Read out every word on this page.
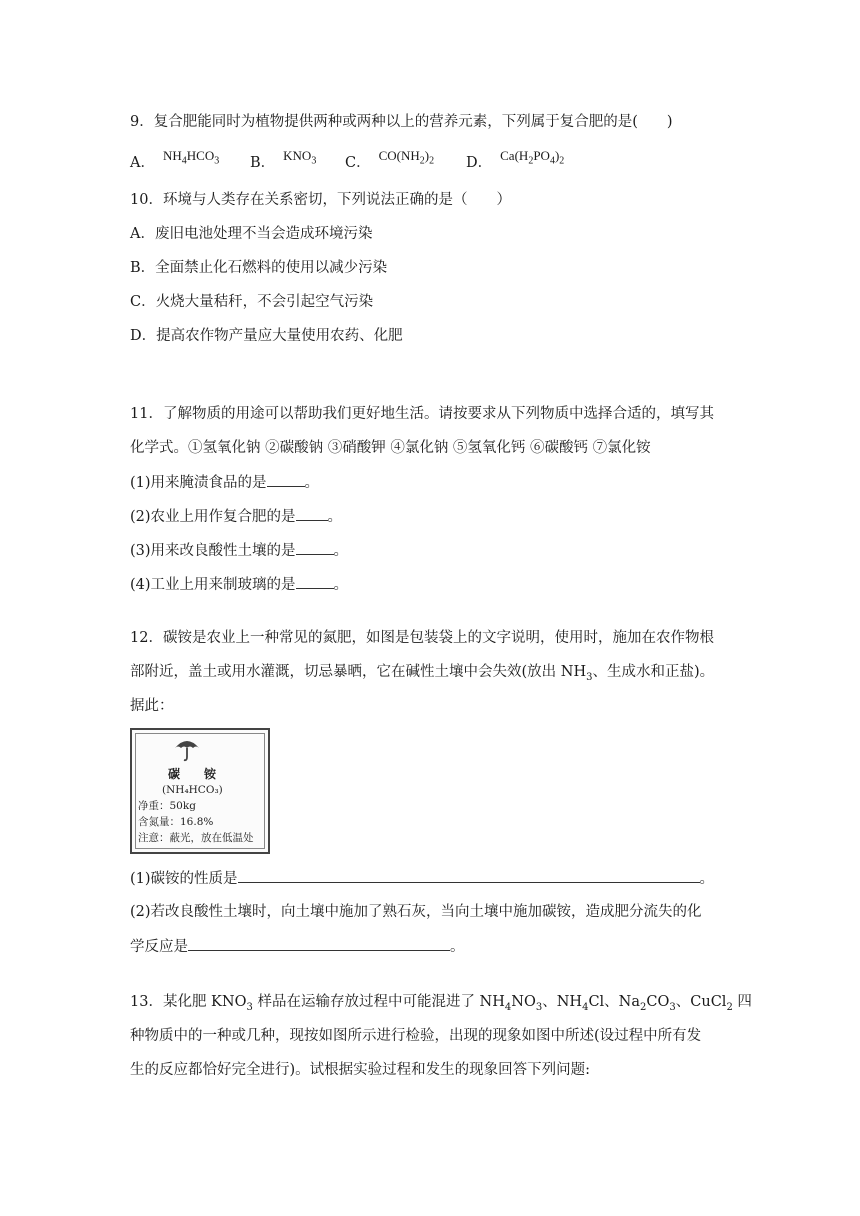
9．复合肥能同时为植物提供两种或两种以上的营养元素，下列属于复合肥的是(　　)
A． $NH_4HCO_3$ B． $KNO_3$ C． $CO(NH_2)_2$ D． $Ca(H_2PO_4)_2$
10．环境与人类存在关系密切，下列说法正确的是（　　）
A．废旧电池处理不当会造成环境污染
B．全面禁止化石燃料的使用以减少污染
C．火烧大量秸秆，不会引起空气污染
D．提高农作物产量应大量使用农药、化肥
11．了解物质的用途可以帮助我们更好地生活。请按要求从下列物质中选择合适的，填写其
化学式。①氢氧化钠 ②碳酸钠 ③硝酸钾 ④氯化钠 ⑤氢氧化钙 ⑥碳酸钙 ⑦氯化铵
(1)用来腌渍食品的是	。
(2)农业上用作复合肥的是 。
(3)用来改良酸性土壤的是	。
(4)工业上用来制玻璃的是	。
12．碳铵是农业上一种常见的氮肥，如图是包装袋上的文字说明，使用时，施加在农作物根
部附近，盖土或用水灌溉，切忌暴晒，它在碱性土壤中会失效(放出 $NH_3$、生成水和正盐)。
据此：
碳　　铵
(NH₄HCO₃)
净重：50kg
含氮量：16.8%
注意：蔽光，放在低温处
(1)碳铵的性质是	。
(2)若改良酸性土壤时，向土壤中施加了熟石灰，当向土壤中施加碳铵，造成肥分流失的化
学反应是	。
13．某化肥 $KNO_3$ 样品在运输存放过程中可能混进了 $NH_4NO_3$、$NH_4Cl$、$Na_2CO_3$、CuCl$_2$ 四
种物质中的一种或几种，现按如图所示进行检验，出现的现象如图中所述(设过程中所有发
生的反应都恰好完全进行)。试根据实验过程和发生的现象回答下列问题:
